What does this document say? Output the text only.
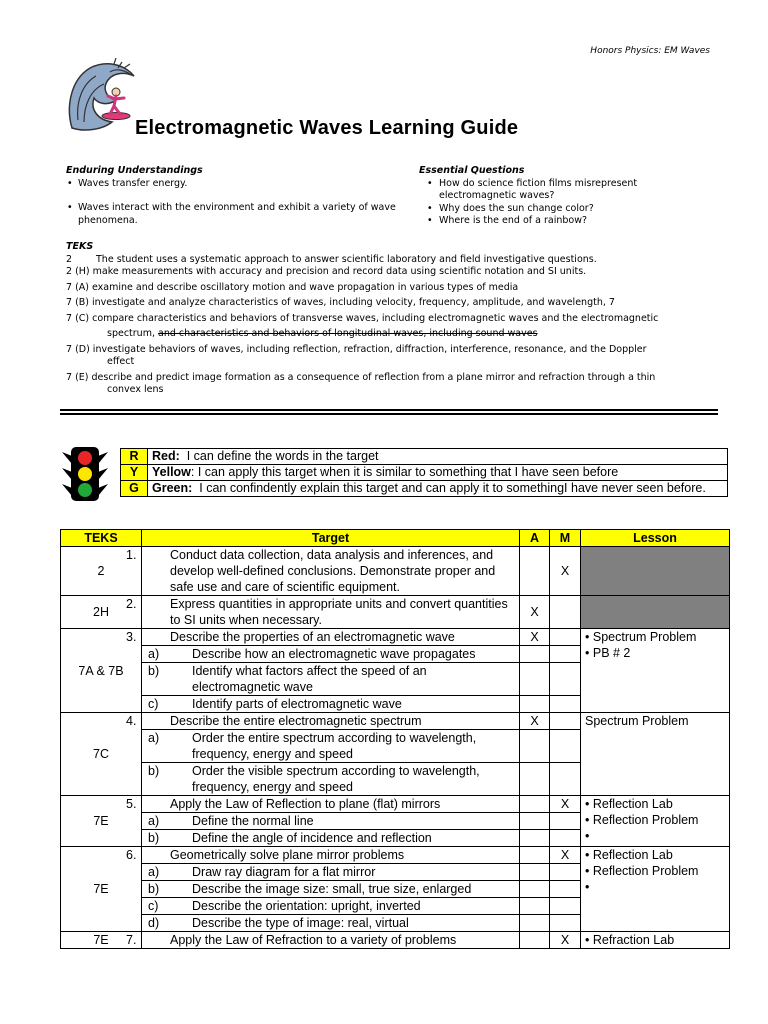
Honors Physics: EM Waves
Electromagnetic Waves Learning Guide
Enduring Understandings
• Waves transfer energy.
• Waves interact with the environment and exhibit a variety of wave phenomena.
Essential Questions
• How do science fiction films misrepresent electromagnetic waves?
• Why does the sun change color?
• Where is the end of a rainbow?
TEKS
2	The student uses a systematic approach to answer scientific laboratory and field investigative questions.
2 (H) make measurements with accuracy and precision and record data using scientific notation and SI units.
7 (A) examine and describe oscillatory motion and wave propagation in various types of media
7 (B) investigate and analyze characteristics of waves, including velocity, frequency, amplitude, and wavelength, 7
7 (C) compare characteristics and behaviors of transverse waves, including electromagnetic waves and the electromagnetic
spectrum, and characteristics and behaviors of longitudinal waves, including sound waves
7 (D) investigate behaviors of waves, including reflection, refraction, diffraction, interference, resonance, and the Doppler
effect
7 (E) describe and predict image formation as a consequence of reflection from a plane mirror and refraction through a thin
convex lens
R	Red: I can define the words in the target
Y	Yellow: I can apply this target when it is similar to something that I have seen before
G	Green: I can confindently explain this target and can apply it to somethingI have never seen before.
TEKS	Target	A	M	Lesson
2	1. Conduct data collection, data analysis and inferences, and develop well-defined conclusions. Demonstrate proper and safe use and care of scientific equipment.		X	
2H	2. Express quantities in appropriate units and convert quantities to SI units when necessary.	X		
7A & 7B	3. Describe the properties of an electromagnetic wave	X		• Spectrum Problem
• PB # 2

	a) Describe how an electromagnetic wave propagates			
	b) Identify what factors affect the speed of an electromagnetic wave			
	c) Identify parts of electromagnetic wave			
7C	4. Describe the entire electromagnetic spectrum	X		Spectrum Problem

	a) Order the entire spectrum according to wavelength, frequency, energy and speed			
	b) Order the visible spectrum according to wavelength, frequency, energy and speed			
7E	5. Apply the Law of Reflection to plane (flat) mirrors		X	• Reflection Lab
• Reflection Problem
•

	a) Define the normal line			
	b) Define the angle of incidence and reflection			
7E	6. Geometrically solve plane mirror problems		X	• Reflection Lab
• Reflection Problem
•

	a) Draw ray diagram for a flat mirror			
	b) Describe the image size: small, true size, enlarged			
	c) Describe the orientation: upright, inverted			
	d) Describe the type of image: real, virtual			
7E	7. Apply the Law of Refraction to a variety of problems		X	• Refraction Lab
